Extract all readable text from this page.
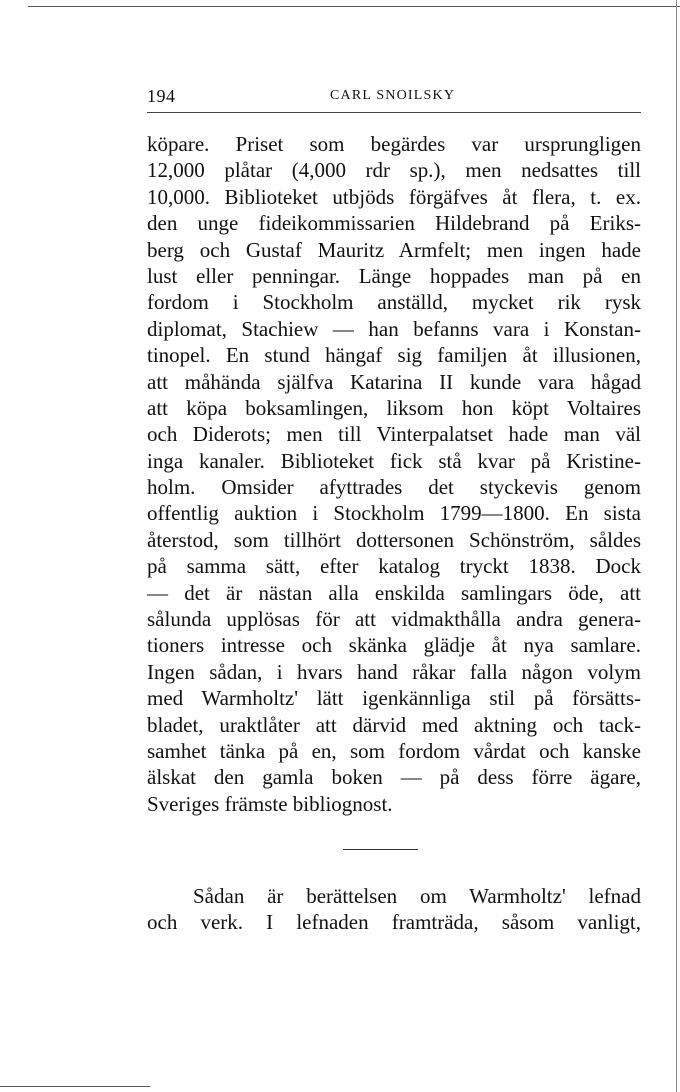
194	CARL SNOILSKY
köpare. Priset som begärdes var ursprungligen
12,000 plåtar (4,000 rdr sp.), men nedsattes till
10,000. Biblioteket utbjöds förgäfves åt flera, t. ex.
den unge fideikommissarien Hildebrand på Eriks-
berg och Gustaf Mauritz Armfelt; men ingen hade
lust eller penningar. Länge hoppades man på en
fordom i Stockholm anställd, mycket rik rysk
diplomat, Stachiew — han befanns vara i Konstan-
tinopel. En stund hängaf sig familjen åt illusionen,
att måhända själfva Katarina II kunde vara hågad
att köpa boksamlingen, liksom hon köpt Voltaires
och Diderots; men till Vinterpalatset hade man väl
inga kanaler. Biblioteket fick stå kvar på Kristine-
holm. Omsider afyttrades det styckevis genom
offentlig auktion i Stockholm 1799—1800. En sista
återstod, som tillhört dottersonen Schönström, såldes
på samma sätt, efter katalog tryckt 1838. Dock
— det är nästan alla enskilda samlingars öde, att
sålunda upplösas för att vidmakthålla andra genera-
tioners intresse och skänka glädje åt nya samlare.
Ingen sådan, i hvars hand råkar falla någon volym
med Warmholtz' lätt igenkännliga stil på försätts-
bladet, uraktlåter att därvid med aktning och tack-
samhet tänka på en, som fordom vårdat och kanske
älskat den gamla boken — på dess förre ägare,
Sveriges främste bibliognost.
Sådan är berättelsen om Warmholtz' lefnad
och verk. I lefnaden framträda, såsom vanligt,
